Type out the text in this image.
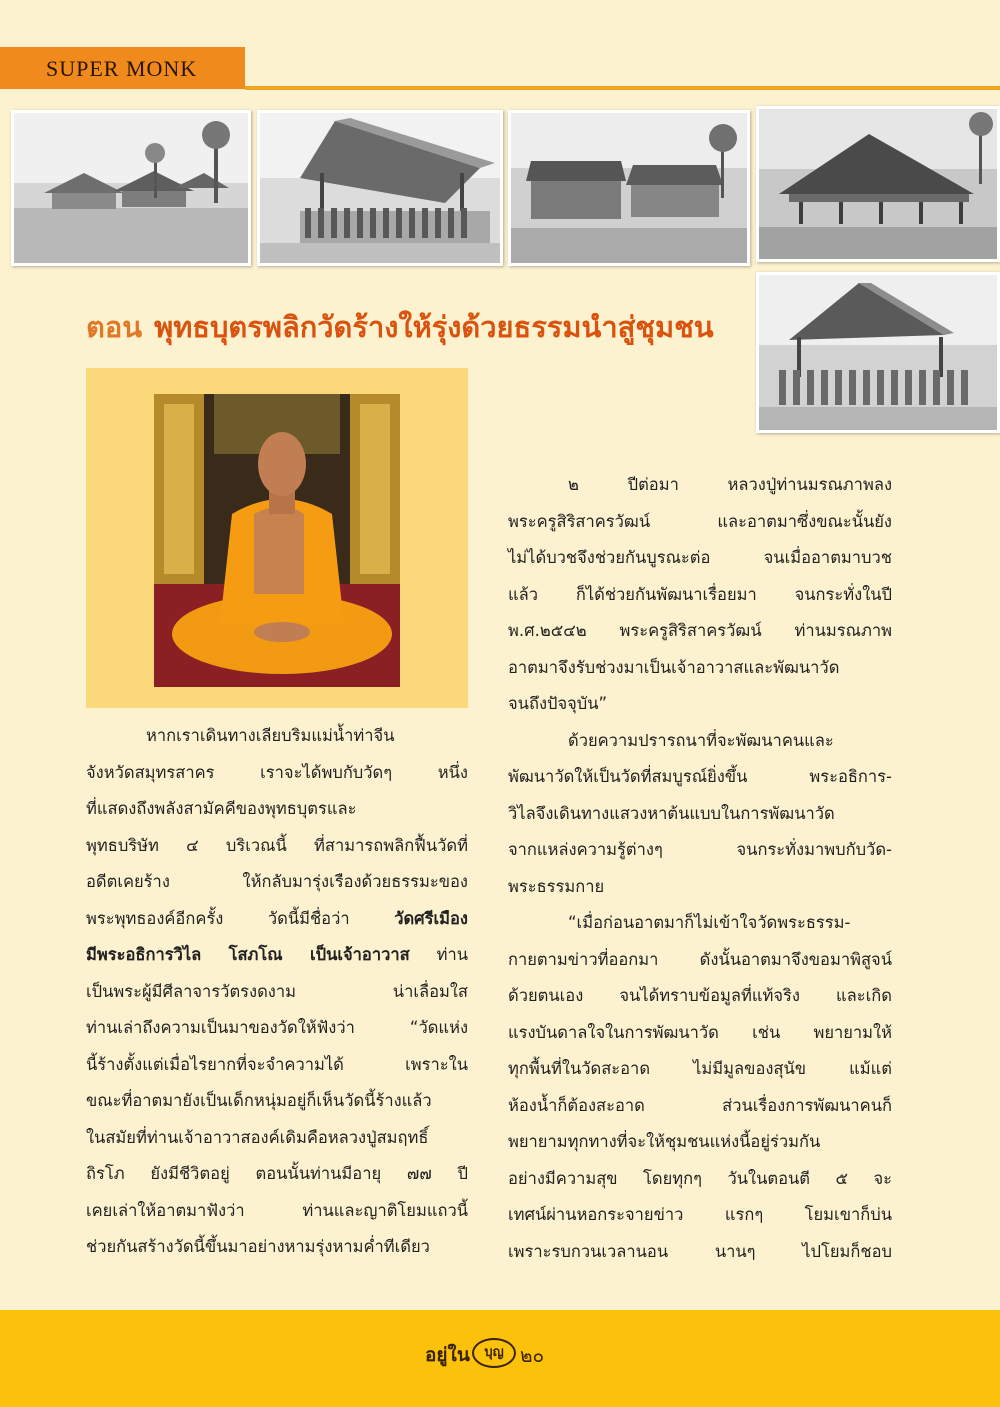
SUPER MONK
ตอน พุทธบุตรพลิกวัดร้างให้รุ่งด้วยธรรมนำสู่ชุมชน

หากเราเดินทางเลียบริมแม่น้ำท่าจีน

จังหวัดสมุทรสาคร เราจะได้พบกับวัดๆ หนึ่ง

ที่แสดงถึงพลังสามัคคีของพุทธบุตรและ

พุทธบริษัท ๔ บริเวณนี้ ที่สามารถพลิกฟื้นวัดที่

อดีตเคยร้าง ให้กลับมารุ่งเรืองด้วยธรรมะของ

พระพุทธองค์อีกครั้ง วัดนี้มีชื่อว่า	วัดศรีเมือง

มีพระอธิการวิไล โสภโณ เป็นเจ้าอาวาส ท่าน

เป็นพระผู้มีศีลาจารวัตรงดงาม น่าเลื่อมใส

ท่านเล่าถึงความเป็นมาของวัดให้ฟังว่า “วัดแห่ง

นี้ร้างตั้งแต่เมื่อไรยากที่จะจำความได้ เพราะใน

ขณะที่อาตมายังเป็นเด็กหนุ่มอยู่ก็เห็นวัดนี้ร้างแล้ว

ในสมัยที่ท่านเจ้าอาวาสองค์เดิมคือหลวงปู่สมฤทธิ์

ถิรโภ ยังมีชีวิตอยู่ ตอนนั้นท่านมีอายุ ๗๗ ปี

เคยเล่าให้อาตมาฟังว่า ท่านและญาติโยมแถวนี้

ช่วยกันสร้างวัดนี้ขึ้นมาอย่างหามรุ่งหามค่ำทีเดียว

๒ ปีต่อมา หลวงปู่ท่านมรณภาพลง

พระครูสิริสาครวัฒน์ และอาตมาซึ่งขณะนั้นยัง

ไม่ได้บวชจึงช่วยกันบูรณะต่อ จนเมื่ออาตมาบวช

แล้ว ก็ได้ช่วยกันพัฒนาเรื่อยมา จนกระทั่งในปี

พ.ศ.๒๕๔๒ พระครูสิริสาครวัฒน์ ท่านมรณภาพ

อาตมาจึงรับช่วงมาเป็นเจ้าอาวาสและพัฒนาวัด

จนถึงปัจจุบัน”

ด้วยความปรารถนาที่จะพัฒนาคนและ

พัฒนาวัดให้เป็นวัดที่สมบูรณ์ยิ่งขึ้น พระอธิการ-

วิไลจึงเดินทางแสวงหาต้นแบบในการพัฒนาวัด

จากแหล่งความรู้ต่างๆ จนกระทั่งมาพบกับวัด-

พระธรรมกาย

“เมื่อก่อนอาตมาก็ไม่เข้าใจวัดพระธรรม-

กายตามข่าวที่ออกมา ดังนั้นอาตมาจึงขอมาพิสูจน์

ด้วยตนเอง จนได้ทราบข้อมูลที่แท้จริง และเกิด

แรงบันดาลใจในการพัฒนาวัด เช่น พยายามให้

ทุกพื้นที่ในวัดสะอาด ไม่มีมูลของสุนัข แม้แต่

ห้องน้ำก็ต้องสะอาด ส่วนเรื่องการพัฒนาคนก็

พยายามทุกทางที่จะให้ชุมชนแห่งนี้อยู่ร่วมกัน

อย่างมีความสุข โดยทุกๆ วันในตอนตี ๕ จะ

เทศน์ผ่านหอกระจายข่าว แรกๆ โยมเขาก็บ่น

เพราะรบกวนเวลานอน นานๆ ไปโยมก็ชอบ

อยู่ใน	บุญ ๒๐
